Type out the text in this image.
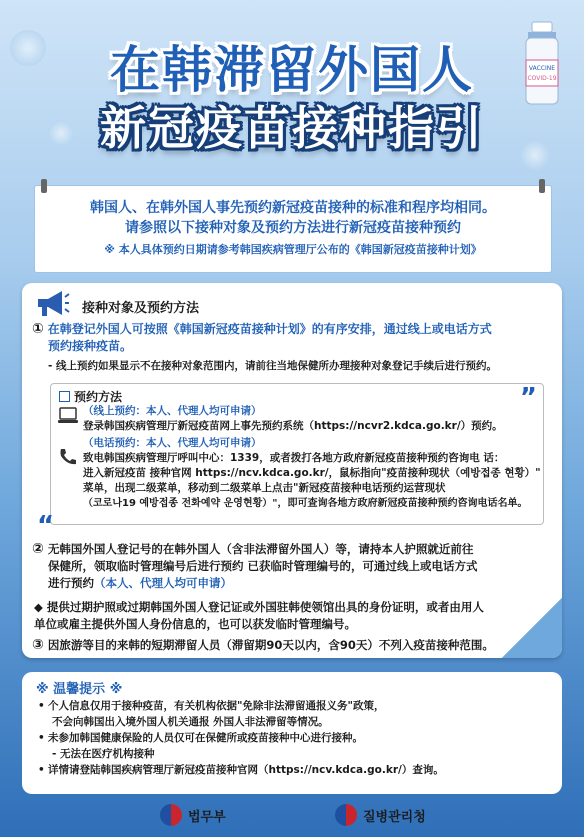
VACCINE
COVID-19
在韩滞留外国人
新冠疫苗接种指引
韩国人、在韩外国人事先预约新冠疫苗接种的标准和程序均相同。
请参照以下接种对象及预约方法进行新冠疫苗接种预约
※ 本人具体预约日期请参考韩国疾病管理厅公布的《韩国新冠疫苗接种计划》
接种对象及预约方法
① 在韩登记外国人可按照《韩国新冠疫苗接种计划》的有序安排，通过线上或电话方式
预约接种疫苗。
- 线上预约如果显示不在接种对象范围内，请前往当地保健所办理接种对象登记手续后进行预约。
”
“
预约方法
（线上预约：本人、代理人均可申请）
登录韩国疾病管理厅新冠疫苗网上事先预约系统（https://ncvr2.kdca.go.kr/）预约。
（电话预约：本人、代理人均可申请）
致电韩国疾病管理厅呼叫中心：1339，或者拨打各地方政府新冠疫苗接种预约咨询电 话：
进入新冠疫苗 接种官网 https://ncv.kdca.go.kr/，鼠标指向"疫苗接种现状（예방접종 현황）"
菜单，出现二级菜单，移动到二级菜单上点击"新冠疫苗接种电话预约运营现状
（코로나19 예방접종 전화예약 운영현황）"，即可查询各地方政府新冠疫苗接种预约咨询电话名单。
② 无韩国外国人登记号的在韩外国人（含非法滞留外国人）等，请持本人护照就近前往
保健所，领取临时管理编号后进行预约 已获临时管理编号的，可通过线上或电话方式
进行预约（本人、代理人均可申请）
◆ 提供过期护照或过期韩国外国人登记证或外国驻韩使领馆出具的身份证明，或者由用人
单位或雇主提供外国人身份信息的，也可以获发临时管理编号。
③ 因旅游等目的来韩的短期滞留人员（滞留期90天以内，含90天）不列入疫苗接种范围。
※ 温馨提示 ※
• 个人信息仅用于接种疫苗，有关机构依据"免除非法滞留通报义务"政策，
不会向韩国出入境外国人机关通报 外国人非法滞留等情况。
• 未参加韩国健康保险的人员仅可在保健所或疫苗接种中心进行接种。
- 无法在医疗机构接种
• 详情请登陆韩国疾病管理厅新冠疫苗接种官网（https://ncv.kdca.go.kr/）查询。
법무부	질병관리청
